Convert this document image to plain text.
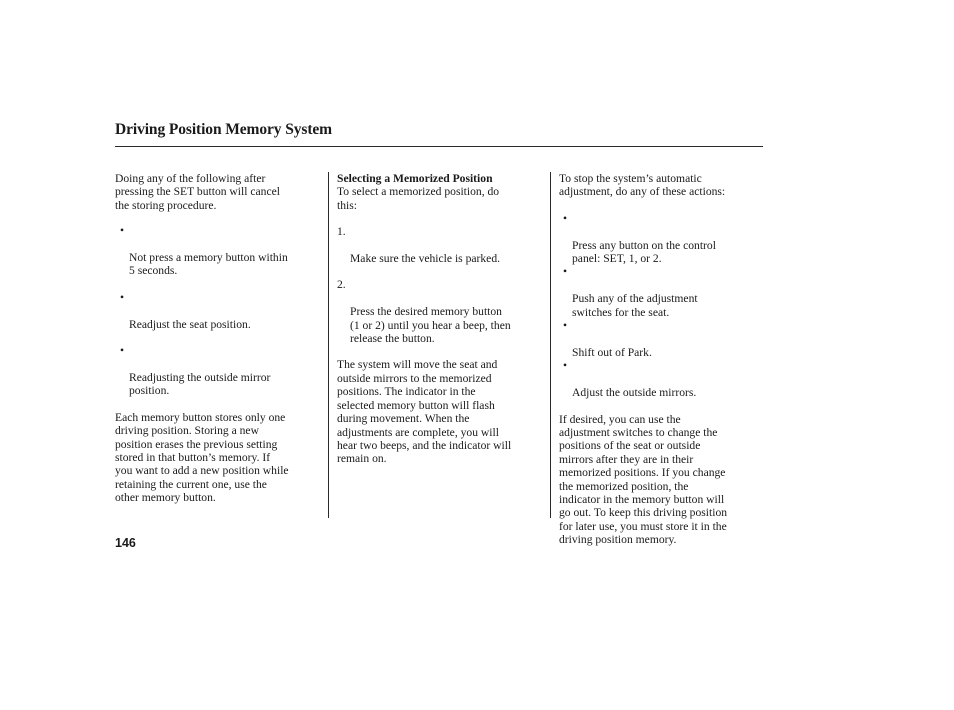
Driving Position Memory System

Doing any of the following after
pressing the SET button will cancel
the storing procedure.

•

Not press a memory button within
5 seconds.

•

Readjust the seat position.

•

Readjusting the outside mirror
position.

Each memory button stores only one
driving position. Storing a new
position erases the previous setting
stored in that button’s memory. If
you want to add a new position while
retaining the current one, use the
other memory button.

Selecting a Memorized Position

To select a memorized position, do
this:

1.

Make sure the vehicle is parked.

2.

Press the desired memory button
(1 or 2) until you hear a beep, then
release the button.

The system will move the seat and
outside mirrors to the memorized
positions. The indicator in the
selected memory button will flash
during movement. When the
adjustments are complete, you will
hear two beeps, and the indicator will
remain on.

To stop the system’s automatic
adjustment, do any of these actions:

•

Press any button on the control
panel: SET, 1, or 2.

•

Push any of the adjustment
switches for the seat.

•

Shift out of Park.

•

Adjust the outside mirrors.

If desired, you can use the
adjustment switches to change the
positions of the seat or outside
mirrors after they are in their
memorized positions. If you change
the memorized position, the
indicator in the memory button will
go out. To keep this driving position
for later use, you must store it in the
driving position memory.

146
